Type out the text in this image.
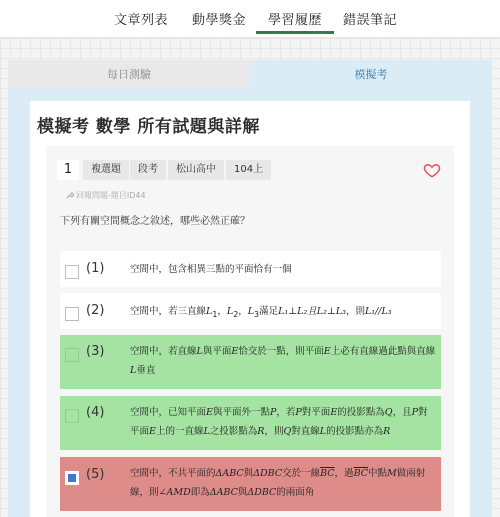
文章列表 動學獎金	學習履歷	錯誤筆記
每日測驗	模擬考
模擬考 數學 所有試題與詳解
1	複選題	段考	松山高中	104上
回報問題-題目ID44
下列有關空間概念之敘述，哪些必然正確？
(1)	空間中，包含相異三點的平面恰有一個
(2)	空間中，若三直線$L_1$，$L_2$，$L_3$滿足L₁⊥L₂且L₂⊥L₃，則L₁//L₃
(3)	空間中，若直線L與平面E恰交於一點，則平面E上必有直線過此點與直線
L垂直
(4)	空間中，已知平面E與平面外一點P，若P對平面E的投影點為Q，且P對
平面E上的一直線L之投影點為R，則Q對直線L的投影點亦為R
(5)	空間中，不共平面的ΔABC與ΔDBC交於一線$\overline{BC}$，過$\overline{BC}$中點M做兩射
線，則∠AMD即為ΔABC與ΔDBC的兩面角
